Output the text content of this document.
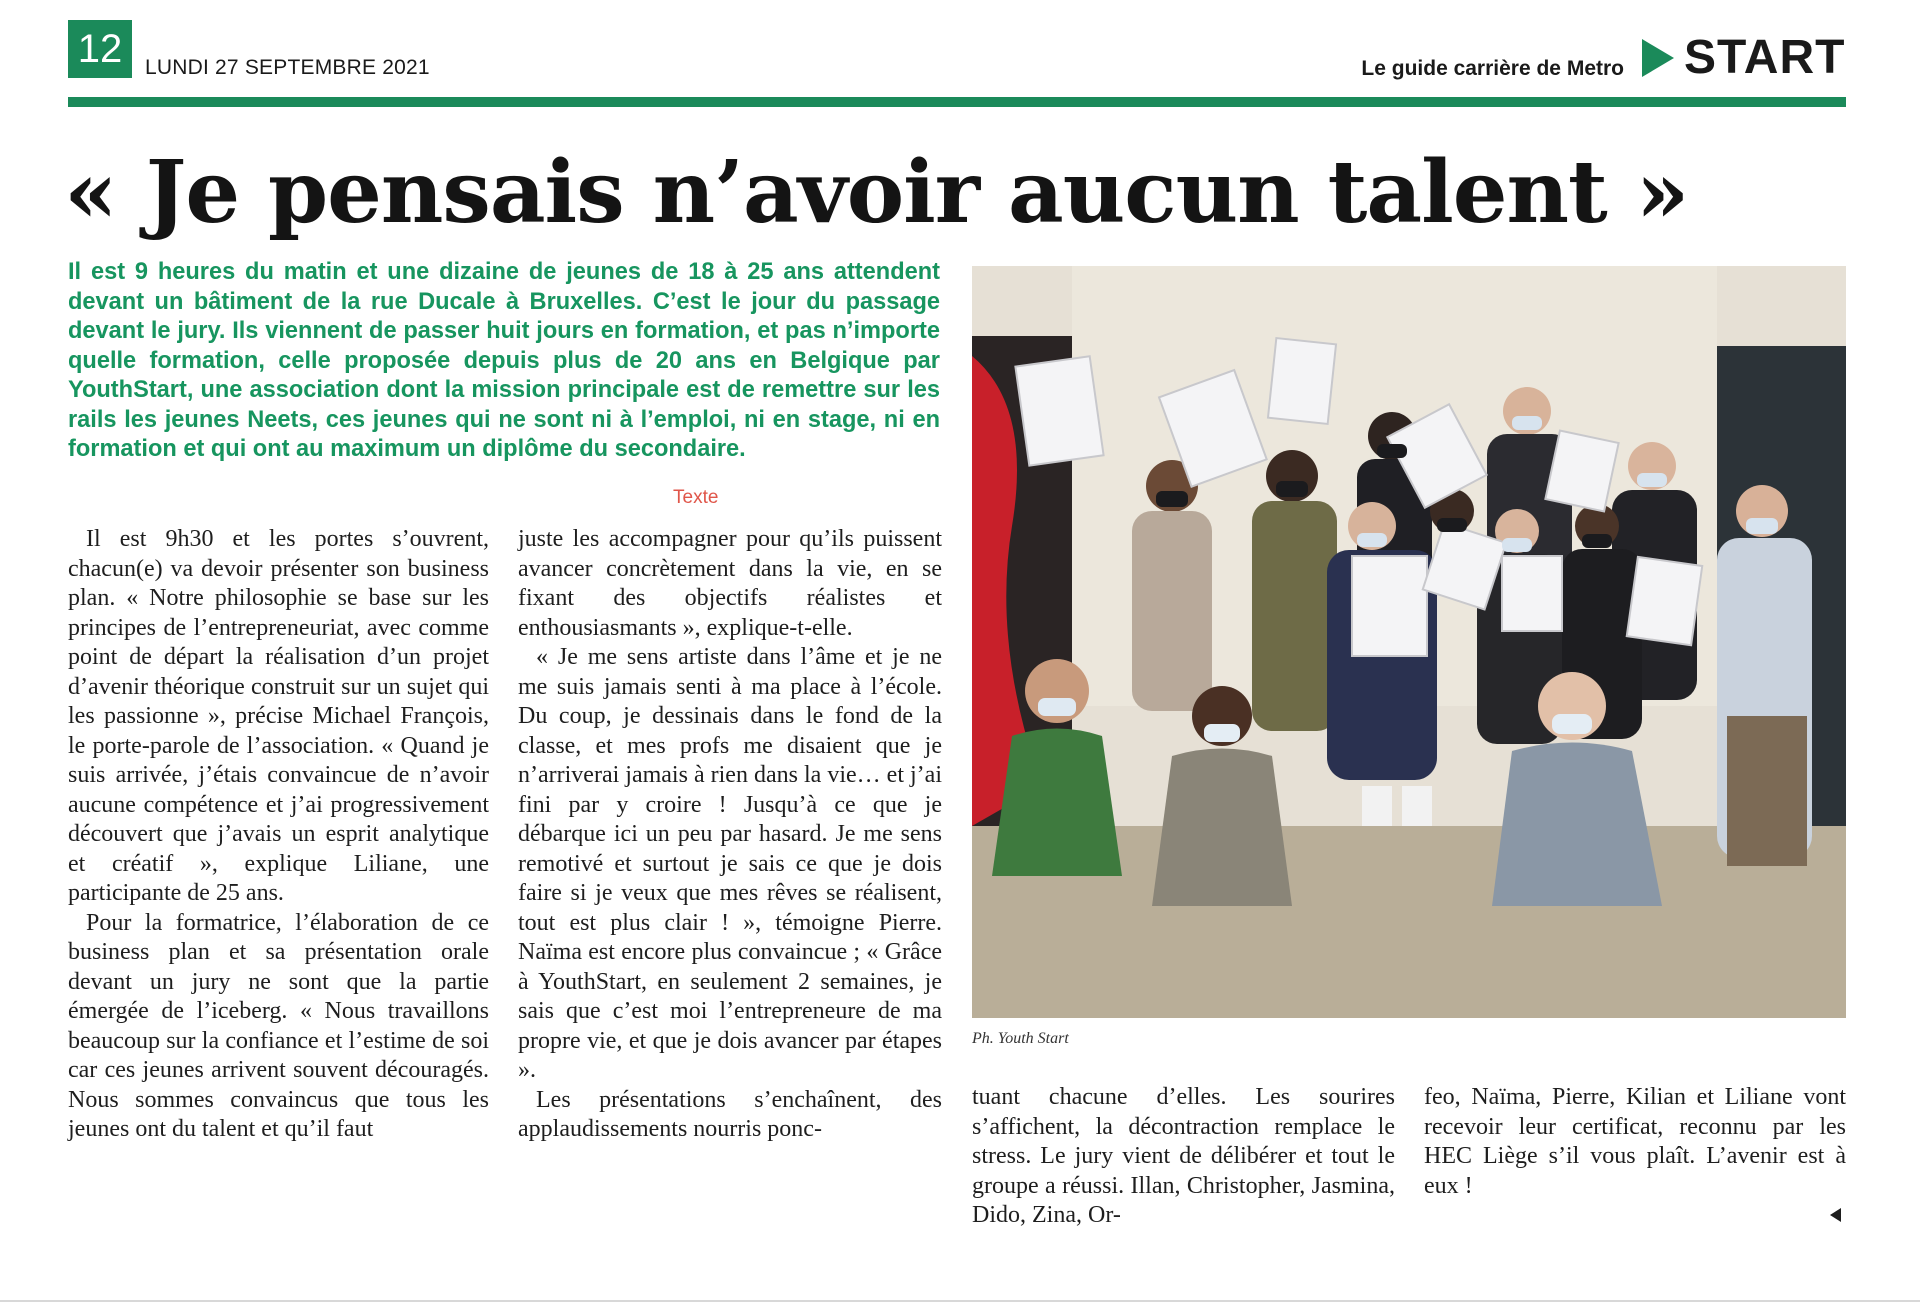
12	LUNDI 27 SEPTEMBRE 2021	Le guide carrière de Metro START
« Je pensais n’avoir aucun talent »

Il est 9 heures du matin et une dizaine de jeunes de 18 à 25 ans attendent devant un bâtiment de la rue Ducale à Bruxelles. C’est le jour du passage devant le jury. Ils viennent de passer huit jours en formation, et pas n’importe quelle formation, celle proposée depuis plus de 20 ans en Belgique par YouthStart, une association dont la mission principale est de remettre sur les rails les jeunes Neets, ces jeunes qui ne sont ni à l’emploi, ni en stage, ni en formation et qui ont au maximum un diplôme du secondaire.

Texte

Il est 9h30 et les portes s’ouvrent, chacun(e) va devoir présenter son business plan. « Notre philosophie se base sur les principes de l’entrepreneuriat, avec comme point de départ la réalisation d’un projet d’avenir théorique construit sur un sujet qui les passionne », précise Michael François, le porte-parole de l’association. « Quand je suis arrivée, j’étais convaincue de n’avoir aucune compétence et j’ai progressivement découvert que j’avais un esprit analytique et créatif », explique Liliane, une participante de 25 ans.

Pour la formatrice, l’élaboration de ce business plan et sa présentation orale devant un jury ne sont que la partie émergée de l’iceberg. « Nous travaillons beaucoup sur la confiance et l’estime de soi car ces jeunes arrivent souvent découragés. Nous sommes convaincus que tous les jeunes ont du talent et qu’il faut

juste les accompagner pour qu’ils puissent avancer concrètement dans la vie, en se fixant des objectifs réalistes et enthousiasmants », explique-t-elle.

« Je me sens artiste dans l’âme et je ne me suis jamais senti à ma place à l’école. Du coup, je dessinais dans le fond de la classe, et mes profs me disaient que je n’arriverai jamais à rien dans la vie… et j’ai fini par y croire ! Jusqu’à ce que je débarque ici un peu par hasard. Je me sens remotivé et surtout je sais ce que je dois faire si je veux que mes rêves se réalisent, tout est plus clair ! », témoigne Pierre. Naïma est encore plus convaincue ; « Grâce à YouthStart, en seulement 2 semaines, je sais que c’est moi l’entrepreneure de ma propre vie, et que je dois avancer par étapes ».

Les présentations s’enchaînent, des applaudissements nourris ponc-

tuant chacune d’elles. Les sourires s’affichent, la décontraction remplace le stress. Le jury vient de délibérer et tout le groupe a réussi. Illan, Christopher, Jasmina, Dido, Zina, Or-

feo, Naïma, Pierre, Kilian et Liliane vont recevoir leur certificat, reconnu par les HEC Liège s’il vous plaît. L’avenir est à eux !

Ph. Youth Start
